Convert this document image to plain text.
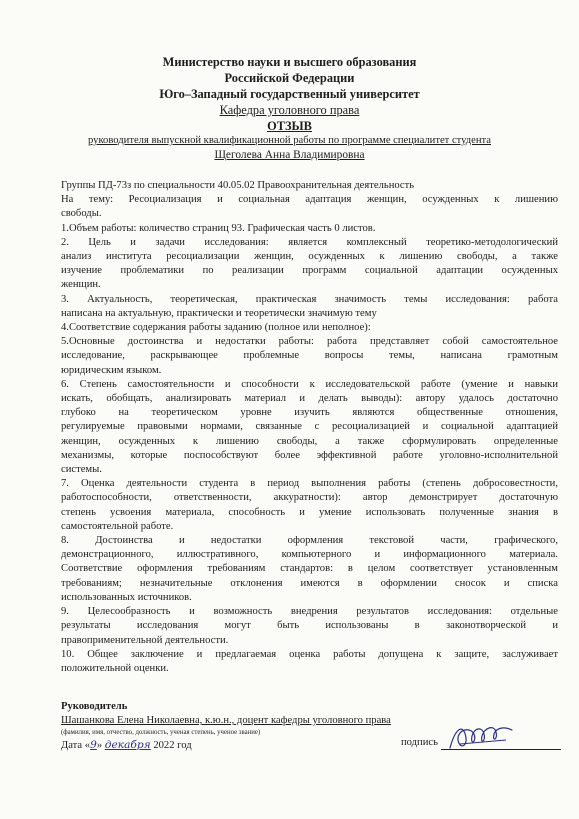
Министерство науки и высшего образования
Российской Федерации
Юго–Западный государственный университет
Кафедра уголовного права
ОТЗЫВ
руководителя выпускной квалификационной работы по программе специалитет студента
Щеголева Анна Владимировна

Группы ПД-73з по специальности 40.05.02 Правоохранительная деятельность

На тему: Ресоциализация и социальная адаптация женщин, осужденных к лишению

свободы.

1.Объем работы: количество страниц 93. Графическая часть 0 листов.

2. Цель и задачи исследования: является комплексный теоретико-методологический

анализ института ресоциализации женщин, осужденных к лишению свободы, а также

изучение проблематики по реализации программ социальной адаптации осужденных

женщин.

3. Актуальность, теоретическая, практическая значимость темы исследования: работа

написана на актуальную, практически и теоретически значимую тему

4.Соответствие содержания работы заданию (полное или неполное):

5.Основные достоинства и недостатки работы: работа представляет собой самостоятельное

исследование, раскрывающее проблемные вопросы темы, написана грамотным

юридическим языком.

6. Степень самостоятельности и способности к исследовательской работе (умение и навыки

искать, обобщать, анализировать материал и делать выводы): автору удалось достаточно

глубоко на теоретическом уровне изучить являются общественные отношения,

регулируемые правовыми нормами, связанные с ресоциализацией и социальной адаптацией

женщин, осужденных к лишению свободы, а также сформулировать определенные

механизмы, которые поспособствуют более эффективной работе уголовно-исполнительной

системы.

7. Оценка деятельности студента в период выполнения работы (степень добросовестности,

работоспособности, ответственности, аккуратности): автор демонстрирует достаточную

степень усвоения материала, способность и умение использовать полученные знания в

самостоятельной работе.

8. Достоинства и недостатки оформления текстовой части, графического,

демонстрационного, иллюстративного, компьютерного и информационного материала.

Соответствие оформления требованиям стандартов: в целом соответствует установленным

требованиям; незначительные отклонения имеются в оформлении сносок и списка

использованных источников.

9. Целесообразность и возможность внедрения результатов исследования: отдельные

результаты исследования могут быть использованы в законотворческой и

правоприменительной деятельности.

10. Общее заключение и предлагаемая оценка работы допущена к защите, заслуживает

положительной оценки.

Руководитель
Шашанкова Елена Николаевна, к.ю.н., доцент кафедры уголовного права
(фамилия, имя, отчество, должность, ученая степень, ученое звание)
Дата «9» декабря 2022 год	подпись
